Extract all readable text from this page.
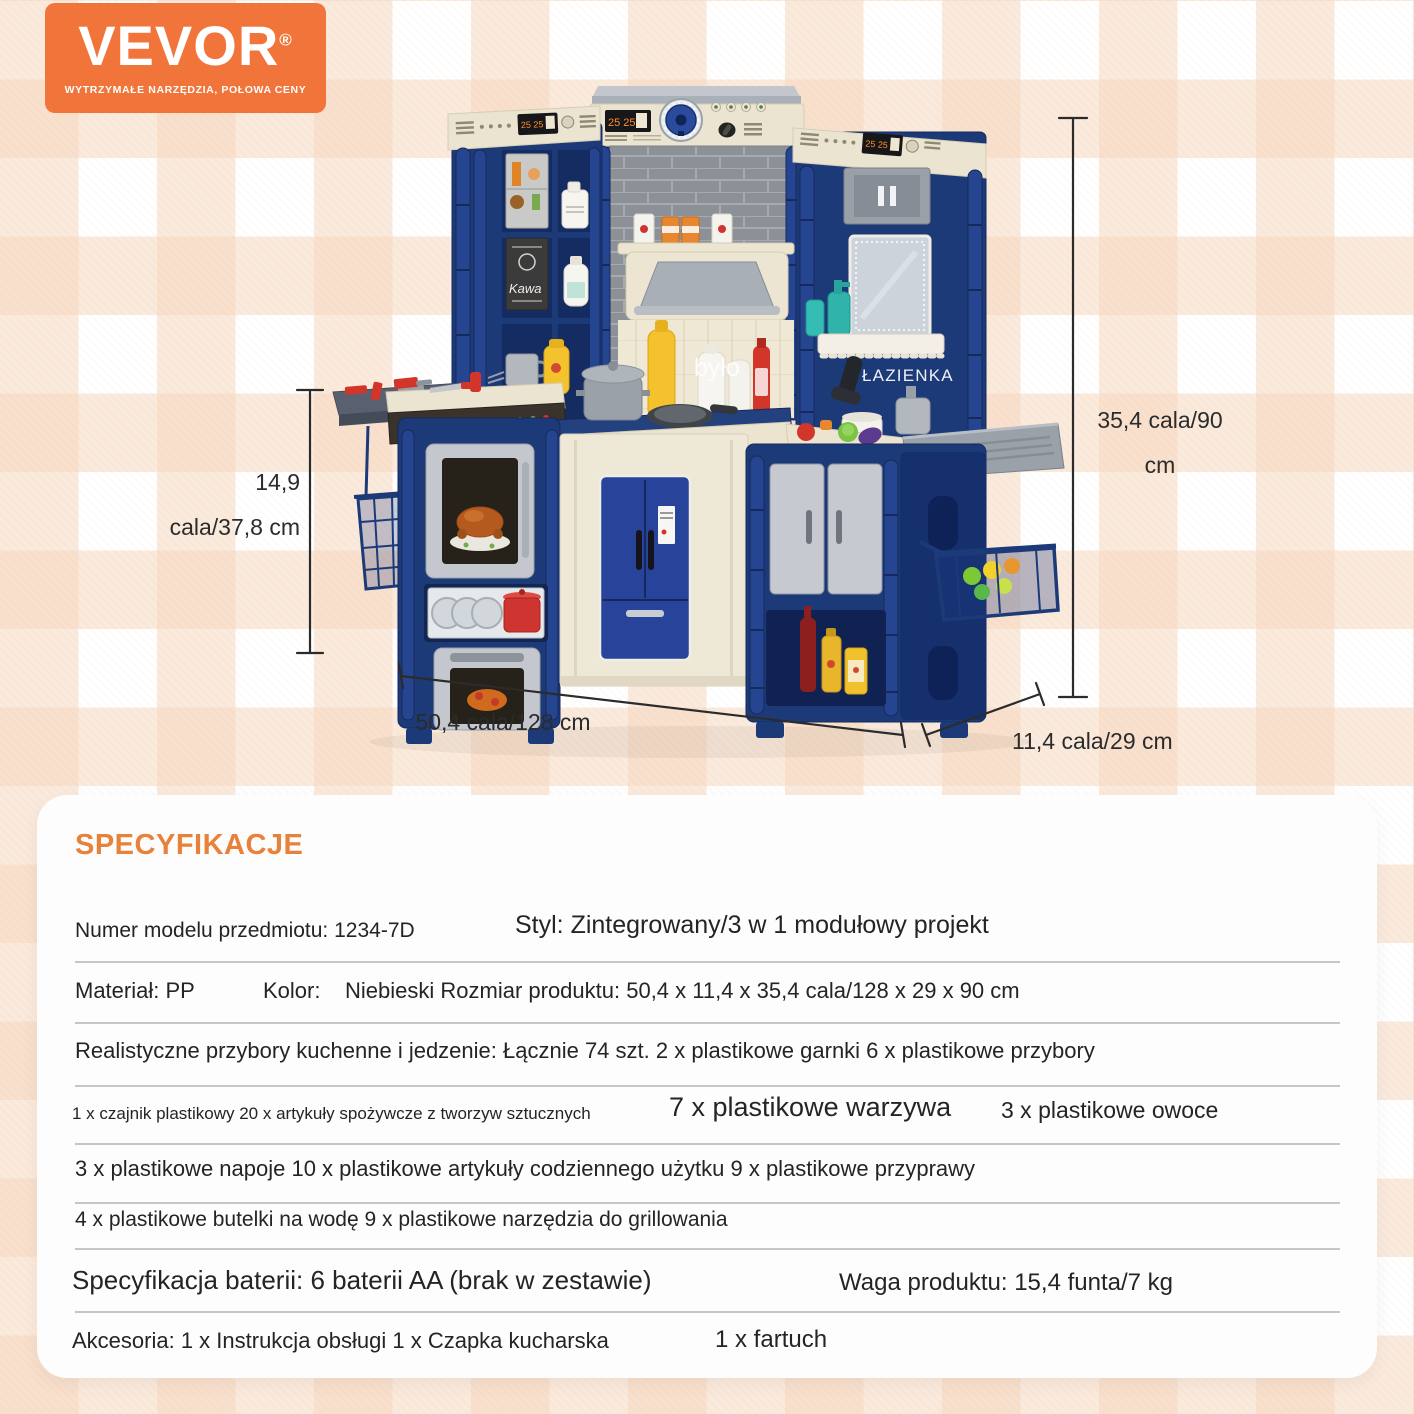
VEVOR®
WYTRZYMAŁE NARZĘDZIA, POŁOWA CENY
25 25
było
25 25
Kawa
25 25
ŁAZIENKA
14,9
cala/37,8 cm
35,4 cala/90
cm
50,4 cala/128 cm
11,4 cala/29 cm
SPECYFIKACJE
Numer modelu przedmiotu: 1234-7D	Styl: Zintegrowany/3 w 1 modułowy projekt
Materiał: PP	Kolor: Niebieski Rozmiar produktu: 50,4 x 11,4 x 35,4 cala/128 x 29 x 90 cm
Realistyczne przybory kuchenne i jedzenie: Łącznie 74 szt. 2 x plastikowe garnki 6 x plastikowe przybory
1 x czajnik plastikowy 20 x artykuły spożywcze z tworzyw sztucznych	7 x plastikowe warzywa 3 x plastikowe owoce
3 x plastikowe napoje 10 x plastikowe artykuły codziennego użytku 9 x plastikowe przyprawy
4 x plastikowe butelki na wodę 9 x plastikowe narzędzia do grillowania
Specyfikacja baterii: 6 baterii AA (brak w zestawie)	Waga produktu: 15,4 funta/7 kg
Akcesoria: 1 x Instrukcja obsługi 1 x Czapka kucharska	1 x fartuch
